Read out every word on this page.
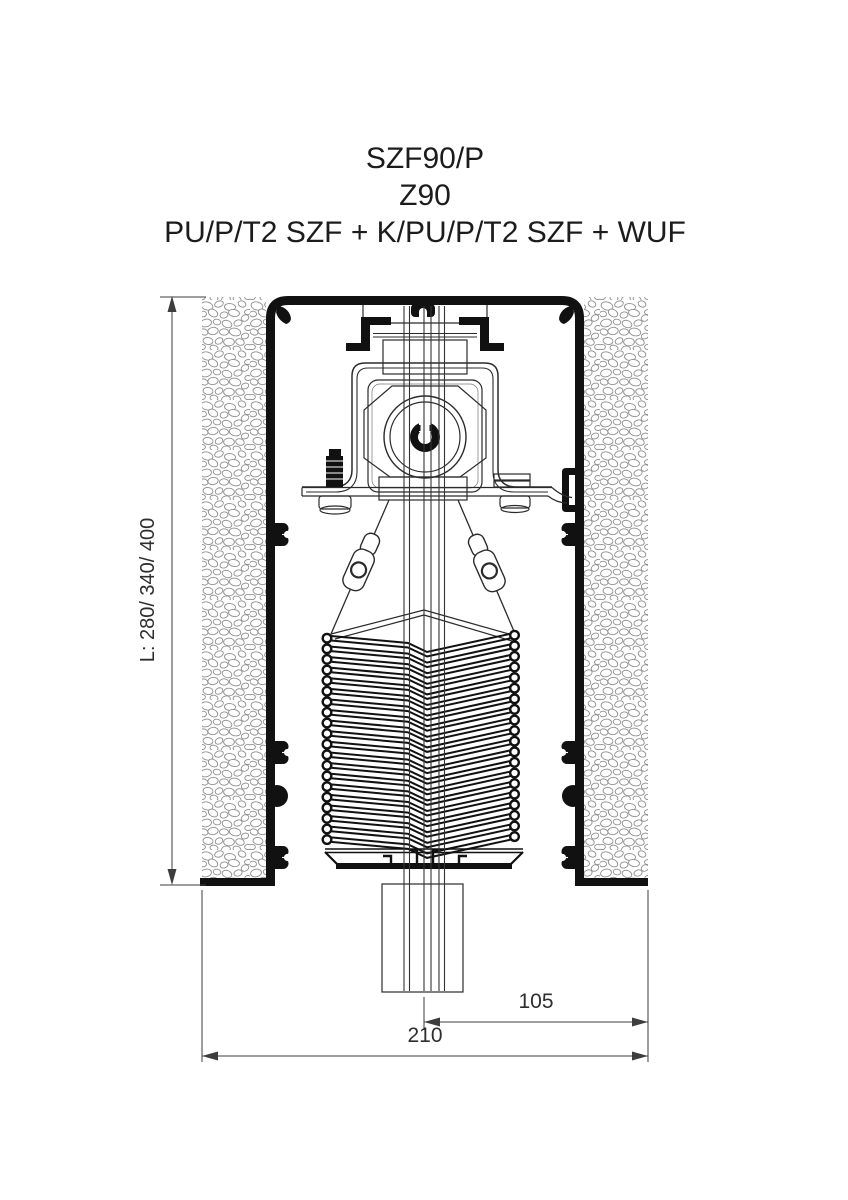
SZF90/P
Z90
PU/P/T2 SZF + K/PU/P/T2 SZF + WUF
L: 280/ 340/ 400
105
210
